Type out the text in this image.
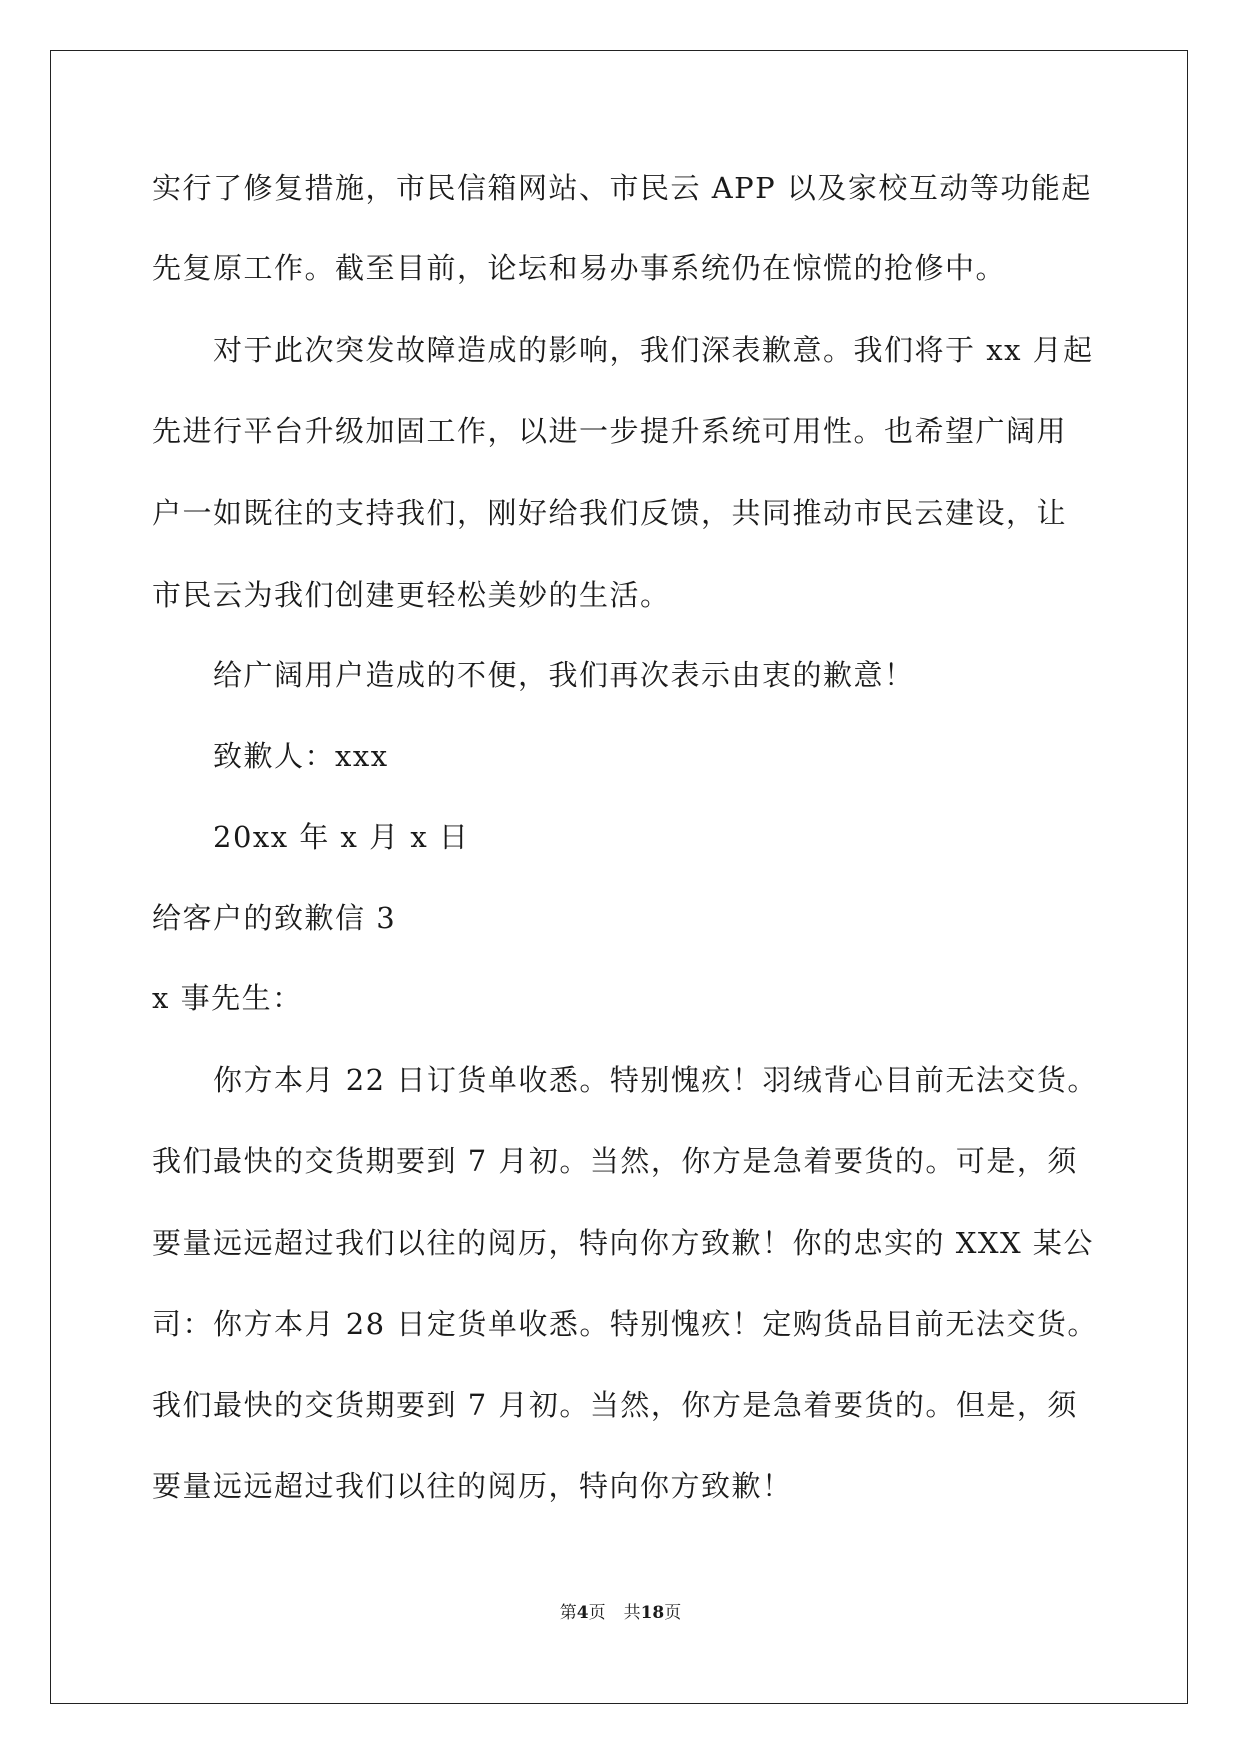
实行了修复措施，市民信箱网站、市民云 APP 以及家校互动等功能起
先复原工作。截至目前，论坛和易办事系统仍在惊慌的抢修中。
对于此次突发故障造成的影响，我们深表歉意。我们将于 xx 月起
先进行平台升级加固工作，以进一步提升系统可用性。也希望广阔用
户一如既往的支持我们，刚好给我们反馈，共同推动市民云建设，让
市民云为我们创建更轻松美妙的生活。
给广阔用户造成的不便，我们再次表示由衷的歉意！
致歉人：xxx
20xx 年 x 月 x 日
给客户的致歉信 3
x 事先生：
你方本月 22 日订货单收悉。特别愧疚！羽绒背心目前无法交货。
我们最快的交货期要到 7 月初。当然，你方是急着要货的。可是，须
要量远远超过我们以往的阅历，特向你方致歉！你的忠实的 XXX 某公
司：你方本月 28 日定货单收悉。特别愧疚！定购货品目前无法交货。
我们最快的交货期要到 7 月初。当然，你方是急着要货的。但是，须
要量远远超过我们以往的阅历，特向你方致歉！
第4页 共18页
